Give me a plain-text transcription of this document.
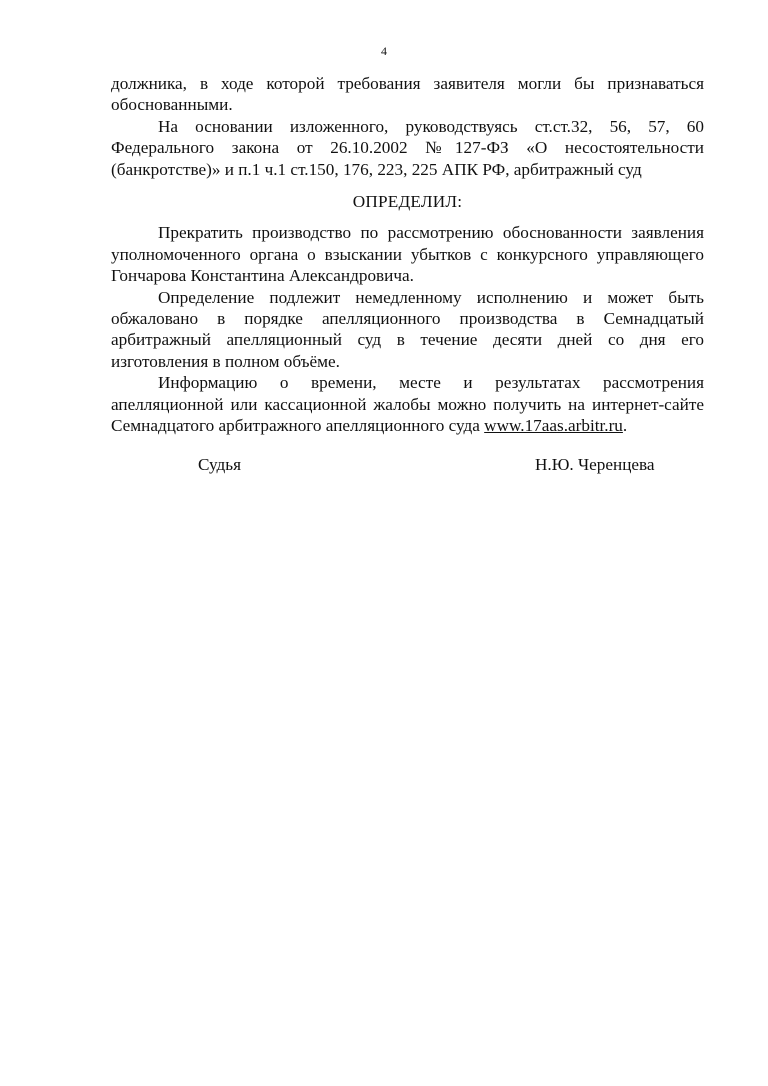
4

должника, в ходе которой требования заявителя могли бы признаваться обоснованными.

На основании изложенного, руководствуясь ст.ст.32, 56, 57, 60 Федерального закона от 26.10.2002 №127-ФЗ «О несостоятельности (банкротстве)» и п.1 ч.1 ст.150, 176, 223, 225 АПК РФ, арбитражный суд

ОПРЕДЕЛИЛ:

Прекратить производство по рассмотрению обоснованности заявления уполномоченного органа о взыскании убытков с конкурсного управляющего Гончарова Константина Александровича.

Определение подлежит немедленному исполнению и может быть обжаловано в порядке апелляционного производства в Семнадцатый арбитражный апелляционный суд в течение десяти дней со дня его изготовления в полном объёме.

Информацию о времени, месте и результатах рассмотрения апелляционной или кассационной жалобы можно получить на интернет-сайте Семнадцатого арбитражного апелляционного суда www.17aas.arbitr.ru.

Судья	Н.Ю. Черенцева
